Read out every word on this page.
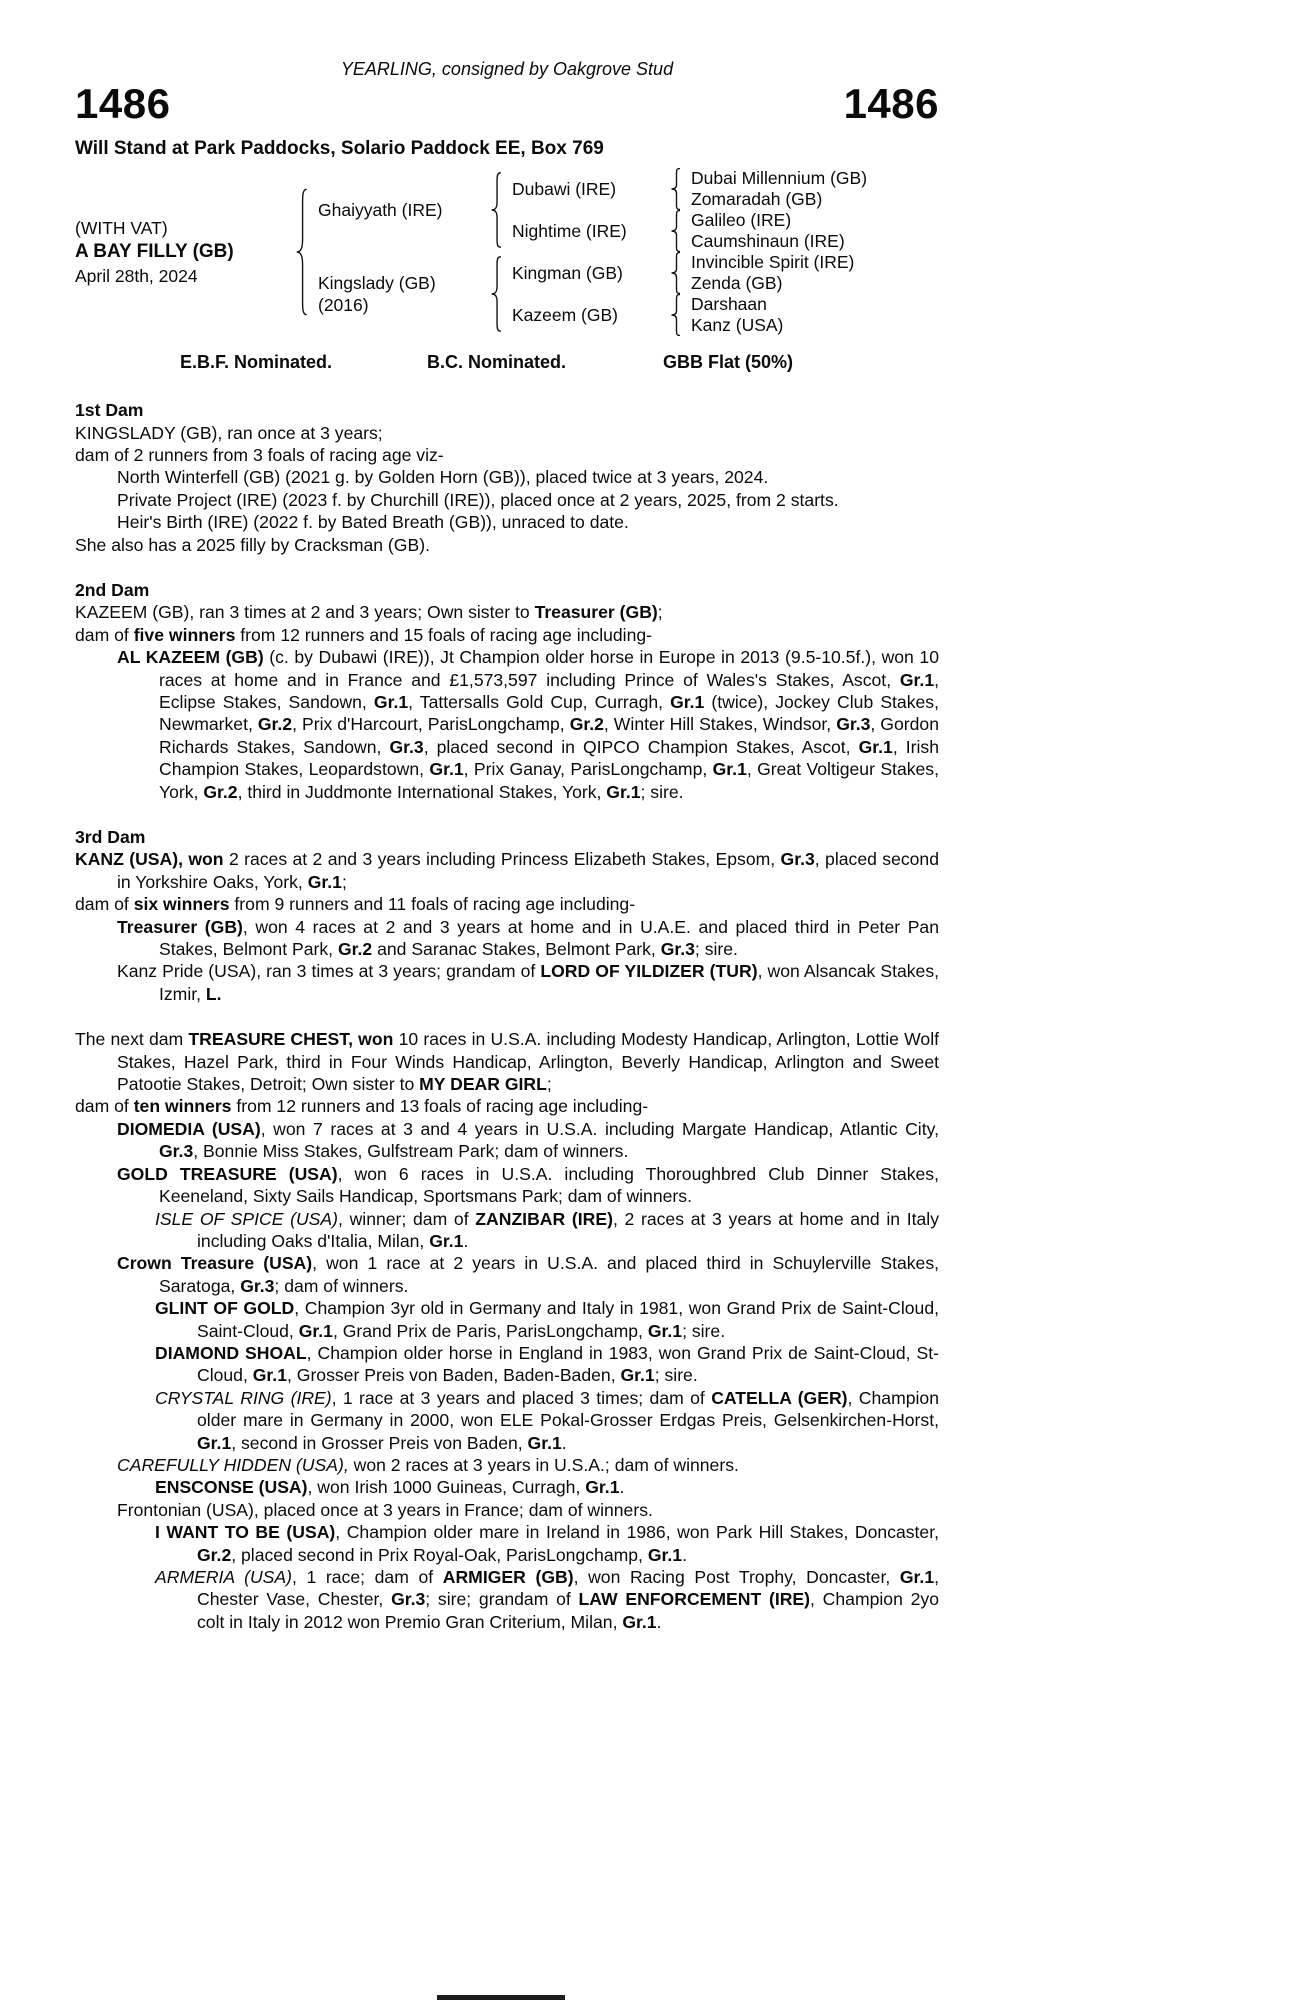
YEARLING, consigned by Oakgrove Stud
1486	1486
Will Stand at Park Paddocks, Solario Paddock EE, Box 769
(WITH VAT)
A BAY FILLY (GB)
April 28th, 2024
Ghaiyyath (IRE)
Dubawi (IRE)
Dubai Millennium (GB)
Zomaradah (GB)
Nightime (IRE)
Galileo (IRE)
Caumshinaun (IRE)
Kingslady (GB)
(2016)
Kingman (GB)
Invincible Spirit (IRE)
Zenda (GB)
Kazeem (GB)
Darshaan
Kanz (USA)
E.B.F. Nominated.	B.C. Nominated.	GBB Flat (50%)
1st Dam

KINGSLADY (GB), ran once at 3 years;

dam of 2 runners from 3 foals of racing age viz-

North Winterfell (GB) (2021 g. by Golden Horn (GB)), placed twice at 3 years, 2024.

Private Project (IRE) (2023 f. by Churchill (IRE)), placed once at 2 years, 2025, from 2 starts.

Heir's Birth (IRE) (2022 f. by Bated Breath (GB)), unraced to date.

She also has a 2025 filly by Cracksman (GB).

2nd Dam

KAZEEM (GB), ran 3 times at 2 and 3 years; Own sister to Treasurer (GB);

dam of five winners from 12 runners and 15 foals of racing age including-

AL KAZEEM (GB) (c. by Dubawi (IRE)), Jt Champion older horse in Europe in 2013 (9.5-10.5f.), won 10 races at home and in France and £1,573,597 including Prince of Wales's Stakes, Ascot, Gr.1, Eclipse Stakes, Sandown, Gr.1, Tattersalls Gold Cup, Curragh, Gr.1 (twice), Jockey Club Stakes, Newmarket, Gr.2, Prix d'Harcourt, ParisLongchamp, Gr.2, Winter Hill Stakes, Windsor, Gr.3, Gordon Richards Stakes, Sandown, Gr.3, placed second in QIPCO Champion Stakes, Ascot, Gr.1, Irish Champion Stakes, Leopardstown, Gr.1, Prix Ganay, ParisLongchamp, Gr.1, Great Voltigeur Stakes, York, Gr.2, third in Juddmonte International Stakes, York, Gr.1; sire.

3rd Dam

KANZ (USA), won 2 races at 2 and 3 years including Princess Elizabeth Stakes, Epsom, Gr.3, placed second in Yorkshire Oaks, York, Gr.1;

dam of six winners from 9 runners and 11 foals of racing age including-

Treasurer (GB), won 4 races at 2 and 3 years at home and in U.A.E. and placed third in Peter Pan Stakes, Belmont Park, Gr.2 and Saranac Stakes, Belmont Park, Gr.3; sire.

Kanz Pride (USA), ran 3 times at 3 years; grandam of LORD OF YILDIZER (TUR), won Alsancak Stakes, Izmir, L.

The next dam TREASURE CHEST, won 10 races in U.S.A. including Modesty Handicap, Arlington, Lottie Wolf Stakes, Hazel Park, third in Four Winds Handicap, Arlington, Beverly Handicap, Arlington and Sweet Patootie Stakes, Detroit; Own sister to MY DEAR GIRL;

dam of ten winners from 12 runners and 13 foals of racing age including-

DIOMEDIA (USA), won 7 races at 3 and 4 years in U.S.A. including Margate Handicap, Atlantic City, Gr.3, Bonnie Miss Stakes, Gulfstream Park; dam of winners.

GOLD TREASURE (USA), won 6 races in U.S.A. including Thoroughbred Club Dinner Stakes, Keeneland, Sixty Sails Handicap, Sportsmans Park; dam of winners.

ISLE OF SPICE (USA), winner; dam of ZANZIBAR (IRE), 2 races at 3 years at home and in Italy including Oaks d'Italia, Milan, Gr.1.

Crown Treasure (USA), won 1 race at 2 years in U.S.A. and placed third in Schuylerville Stakes, Saratoga, Gr.3; dam of winners.

GLINT OF GOLD, Champion 3yr old in Germany and Italy in 1981, won Grand Prix de Saint-Cloud, Saint-Cloud, Gr.1, Grand Prix de Paris, ParisLongchamp, Gr.1; sire.

DIAMOND SHOAL, Champion older horse in England in 1983, won Grand Prix de Saint-Cloud, St-Cloud, Gr.1, Grosser Preis von Baden, Baden-Baden, Gr.1; sire.

CRYSTAL RING (IRE), 1 race at 3 years and placed 3 times; dam of CATELLA (GER), Champion older mare in Germany in 2000, won ELE Pokal-Grosser Erdgas Preis, Gelsenkirchen-Horst, Gr.1, second in Grosser Preis von Baden, Gr.1.

CAREFULLY HIDDEN (USA), won 2 races at 3 years in U.S.A.; dam of winners.

ENSCONSE (USA), won Irish 1000 Guineas, Curragh, Gr.1.

Frontonian (USA), placed once at 3 years in France; dam of winners.

I WANT TO BE (USA), Champion older mare in Ireland in 1986, won Park Hill Stakes, Doncaster, Gr.2, placed second in Prix Royal-Oak, ParisLongchamp, Gr.1.

ARMERIA (USA), 1 race; dam of ARMIGER (GB), won Racing Post Trophy, Doncaster, Gr.1, Chester Vase, Chester, Gr.3; sire; grandam of LAW ENFORCEMENT (IRE), Champion 2yo colt in Italy in 2012 won Premio Gran Criterium, Milan, Gr.1.
